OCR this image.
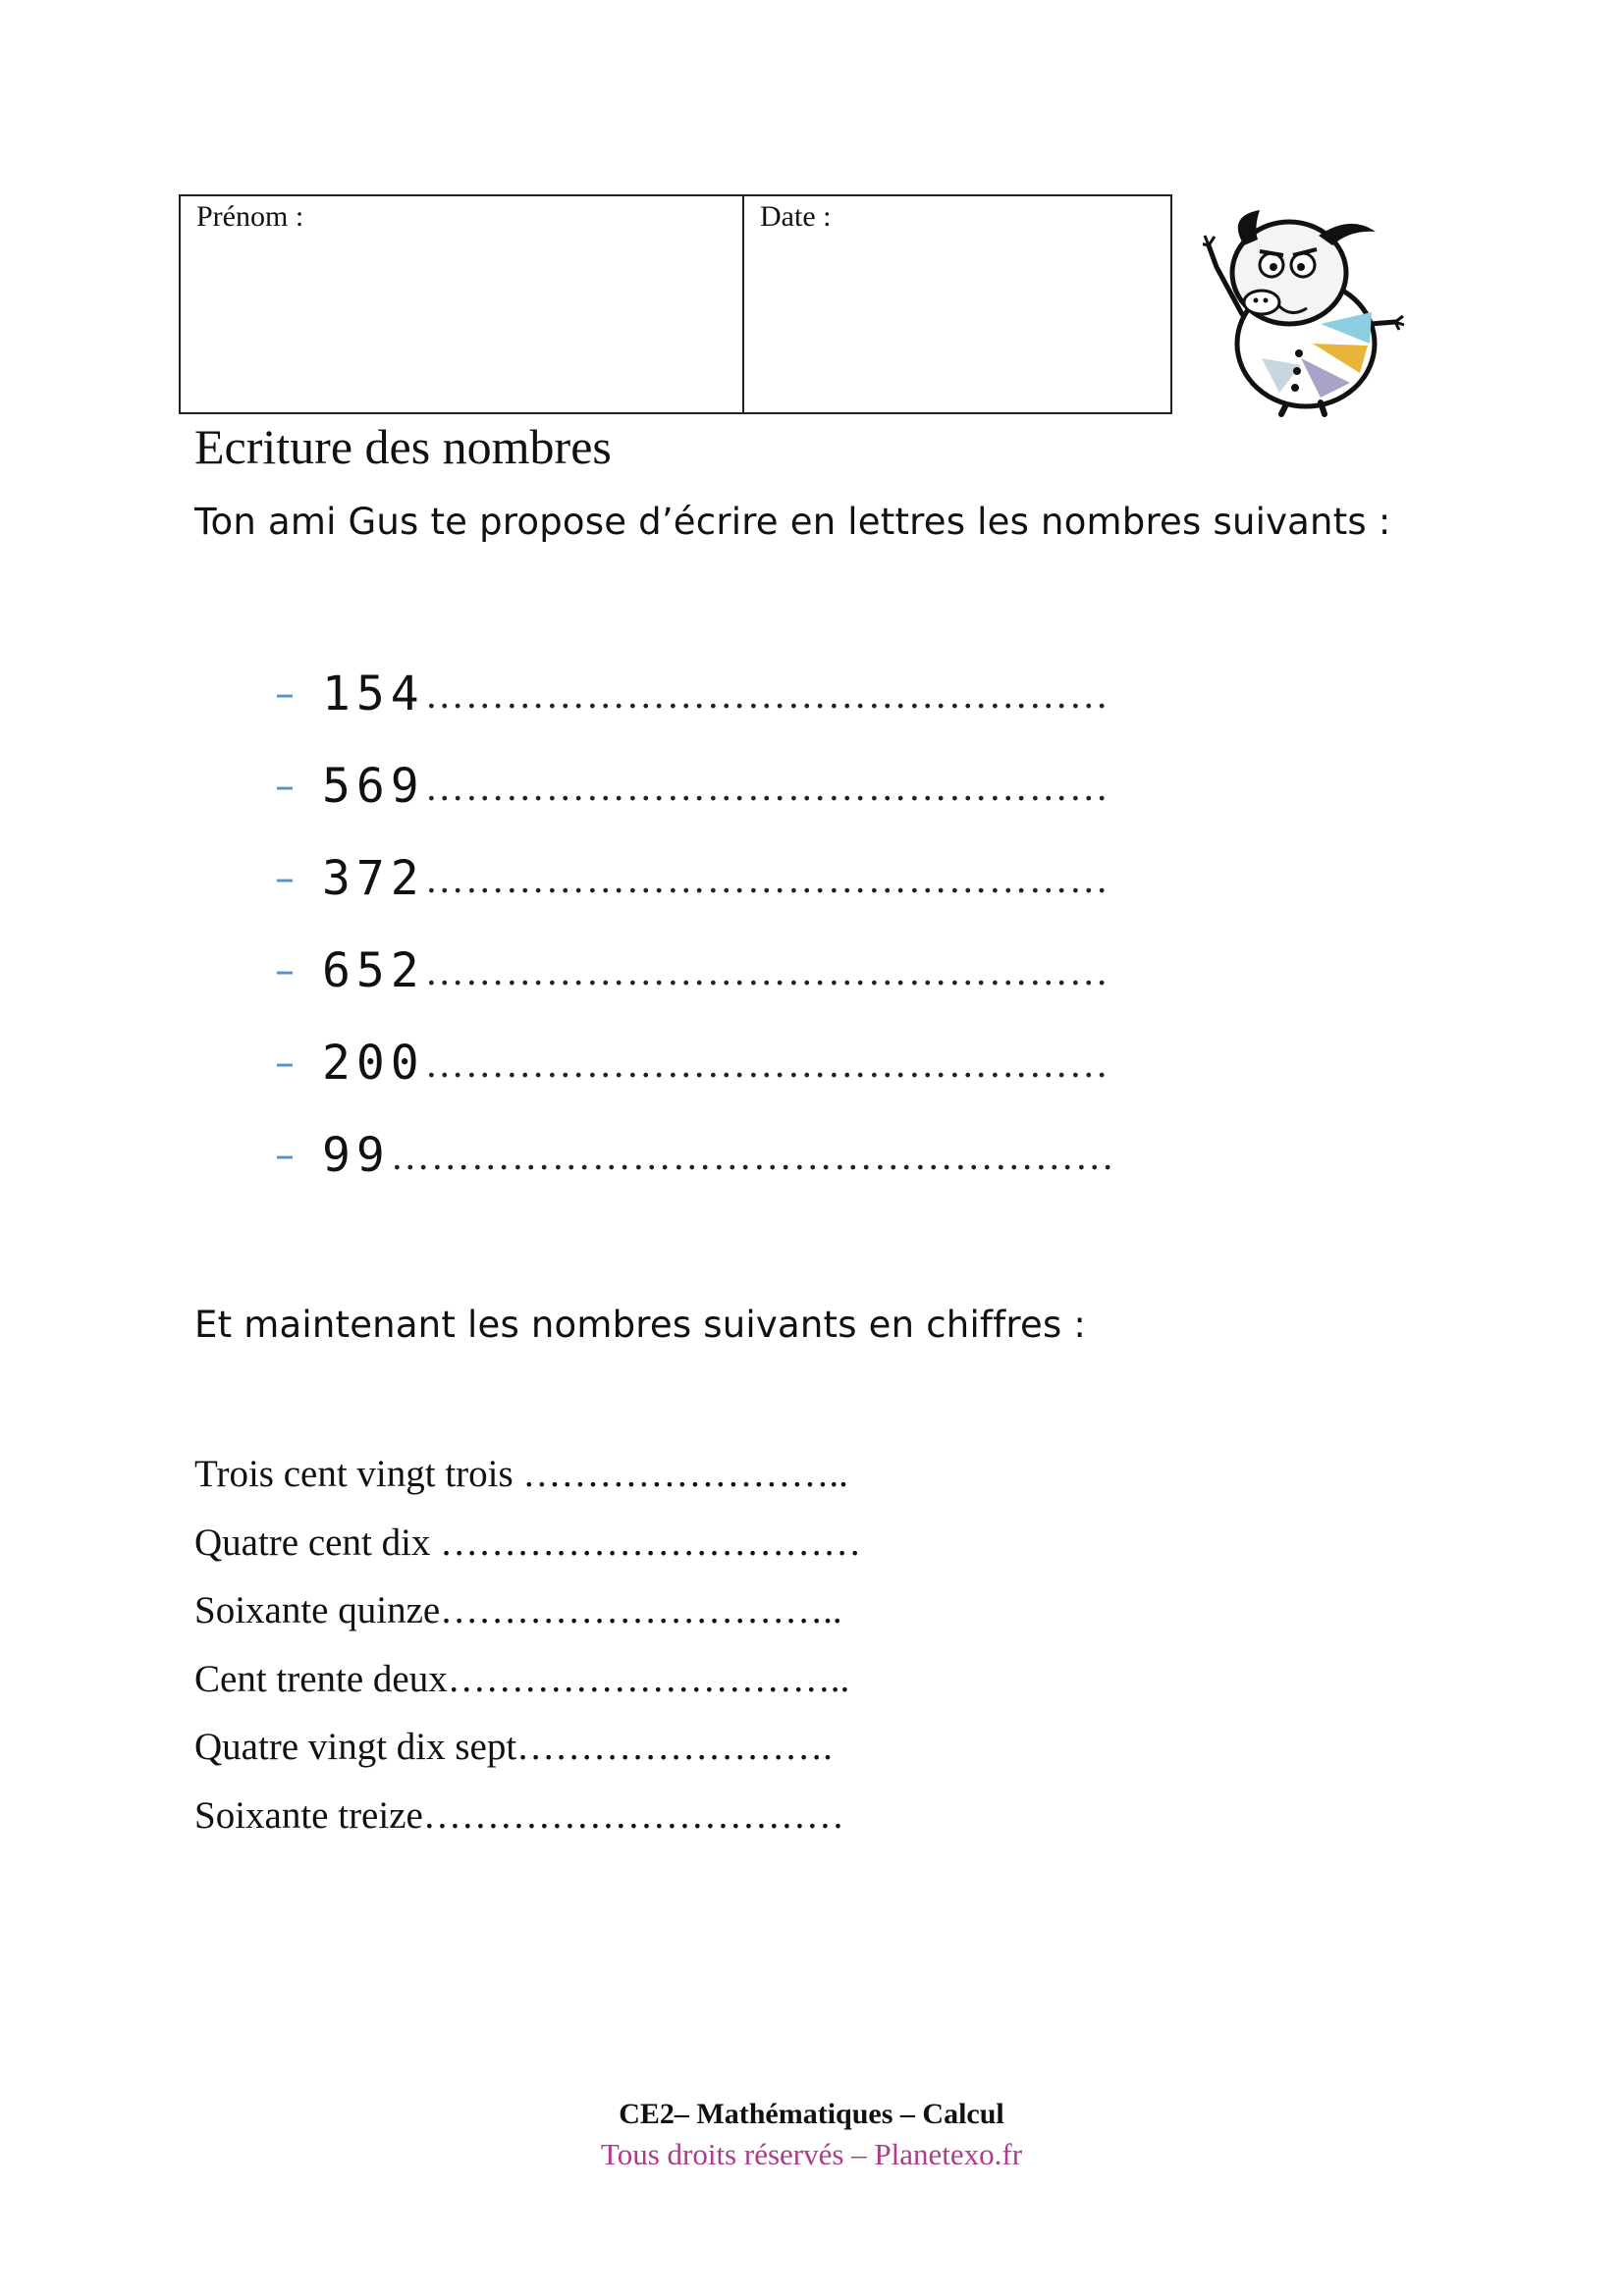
Prénom :	Date :
Ecriture des nombres
Ton ami Gus te propose d’écrire en lettres les nombres suivants :
– 154 ……………………………………………
– 569 ……………………………………………
– 372 ……………………………………………
– 652 ……………………………………………
– 200 ……………………………………………
– 99 ………………………………………………
Et maintenant les nombres suivants en chiffres :
Trois cent vingt trois ……………………..
Quatre cent dix ……………………………
Soixante quinze…………………………..
Cent trente deux…………………………..
Quatre vingt dix sept…………………….
Soixante treize……………………………
CE2– Mathématiques – Calcul
Tous droits réservés – Planetexo.fr
